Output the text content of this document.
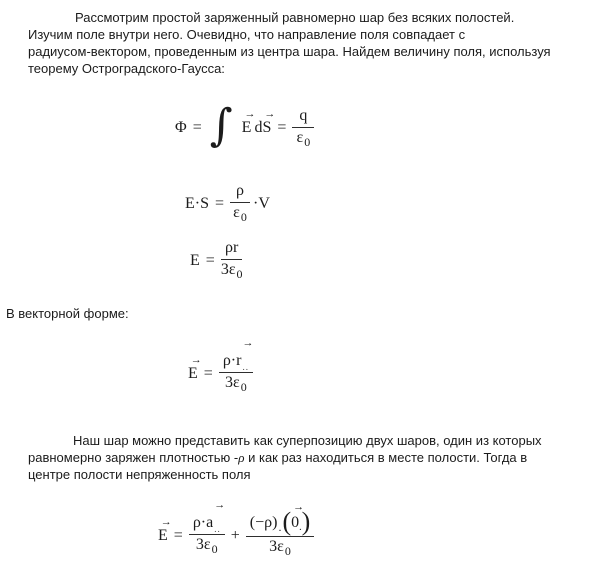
Рассмотрим простой заряженный равномерно шар без всяких полостей.
Изучим поле внутри него. Очевидно, что направление поля совпадает с
радиусом-вектором, проведенным из центра шара. Найдем величину поля, используя
теорему Остроградского-Гаусса:
Φ = ∫ →
E
→
dS = $\frac{q}{\varepsilon_0}$
$E\cdot S = \frac{\rho}{\varepsilon_0} \cdot V$
$E = \frac{\rho r}{3\varepsilon_0}$
В векторной форме:
→
E = ρ·
→
r ..
$3\varepsilon_0$
Наш шар можно представить как суперпозицию двух шаров, один из которых
равномерно заряжен плотностью -ρ и как раз находиться в месте полости. Тогда в
центре полости непряженность поля
→
E = ρ·
→
a ..
$3\varepsilon_0 + (-\rho)$ . ( →
0 . )
$3\varepsilon_0$
